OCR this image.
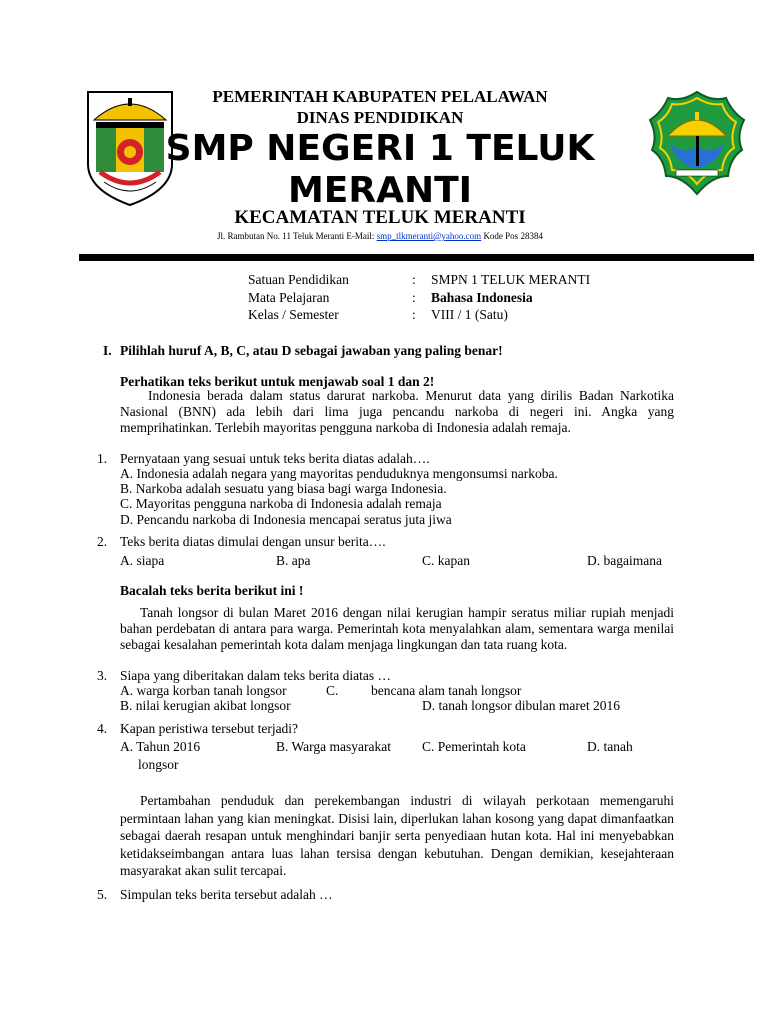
PEMERINTAH KABUPATEN PELALAWAN
DINAS PENDIDIKAN
SMP NEGERI 1 TELUK
MERANTI
KECAMATAN TELUK MERANTI
Jl. Rambutan No. 11 Teluk Meranti E-Mail: smp_tlkmeranti@yahoo.com Kode Pos 28384
Satuan Pendidikan	: SMPN 1 TELUK MERANTI
Mata Pelajaran	: Bahasa Indonesia
Kelas / Semester	: VIII / 1 (Satu)
I. Pilihlah huruf A, B, C, atau D sebagai jawaban yang paling benar!
Perhatikan teks berikut untuk menjawab soal 1 dan 2!
Indonesia berada dalam status darurat narkoba. Menurut data yang dirilis Badan Narkotika Nasional (BNN) ada lebih dari lima juga pencandu narkoba di negeri ini. Angka yang memprihatinkan. Terlebih mayoritas pengguna narkoba di Indonesia adalah remaja.
1. Pernyataan yang sesuai untuk teks berita diatas adalah….
A. Indonesia adalah negara yang mayoritas penduduknya mengonsumsi narkoba.
B. Narkoba adalah sesuatu yang biasa bagi warga Indonesia.
C. Mayoritas pengguna narkoba di Indonesia adalah remaja
D. Pencandu narkoba di Indonesia mencapai seratus juta jiwa
2. Teks berita diatas dimulai dengan unsur berita….
A. siapa	B. apa	C. kapan	D. bagaimana
Bacalah teks berita berikut ini !
Tanah longsor di bulan Maret 2016 dengan nilai kerugian hampir seratus miliar rupiah menjadi bahan perdebatan di antara para warga. Pemerintah kota menyalahkan alam, sementara warga menilai sebagai kesalahan pemerintah kota dalam menjaga lingkungan dan tata ruang kota.
3. Siapa yang diberitakan dalam teks berita diatas …
A. warga korban tanah longsor	C. bencana alam tanah longsor
B. nilai kerugian akibat longsor	D. tanah longsor dibulan maret 2016
4. Kapan peristiwa tersebut terjadi?
A. Tahun 2016	B. Warga masyarakat C. Pemerintah kota	D. tanah
longsor
Pertambahan penduduk dan perekembangan industri di wilayah perkotaan memengaruhi permintaan lahan yang kian meningkat. Disisi lain, diperlukan lahan kosong yang dapat dimanfaatkan sebagai daerah resapan untuk menghindari banjir serta penyediaan hutan kota. Hal ini menyebabkan ketidakseimbangan antara luas lahan tersisa dengan kebutuhan. Dengan demikian, kesejahteraan masyarakat akan sulit tercapai.
5. Simpulan teks berita tersebut adalah …
